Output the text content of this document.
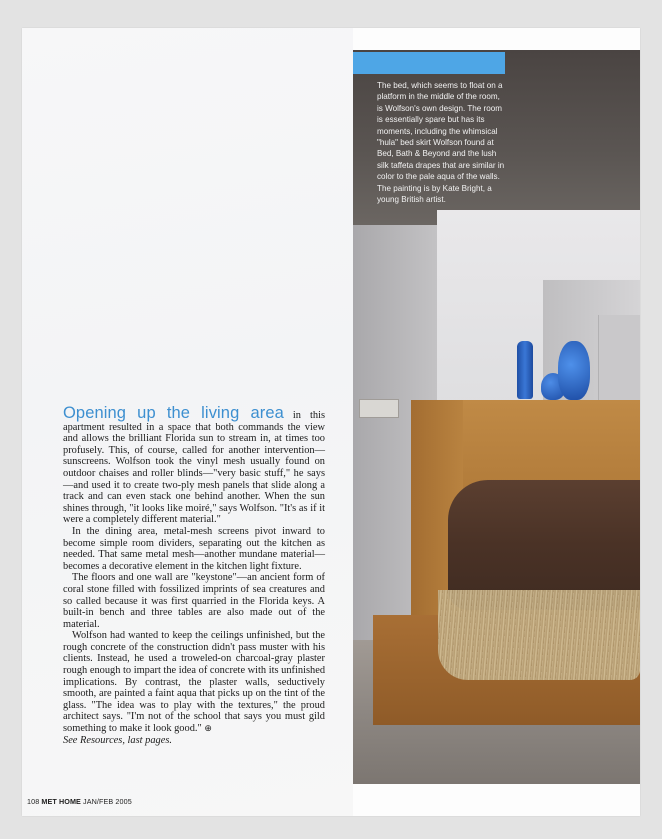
The bed, which seems to float on a platform in the middle of the room, is Wolfson's own design. The room is essentially spare but has its moments, including the whimsical "hula" bed skirt Wolfson found at Bed, Bath & Beyond and the lush silk taffeta drapes that are similar in color to the pale aqua of the walls. The painting is by Kate Bright, a young British artist.

Opening up the living area in this apartment resulted in a space that both commands the view and allows the brilliant Florida sun to stream in, at times too profusely. This, of course, called for another intervention—sunscreens. Wolfson took the vinyl mesh usually found on outdoor chaises and roller blinds—"very basic stuff," he says—and used it to create two-ply mesh panels that slide along a track and can even stack one behind another. When the sun shines through, "it looks like moiré," says Wolfson. "It's as if it were a completely different material."

In the dining area, metal-mesh screens pivot inward to become simple room dividers, separating out the kitchen as needed. That same metal mesh—another mundane material—becomes a decorative element in the kitchen light fixture.

The floors and one wall are "keystone"—an ancient form of coral stone filled with fossilized imprints of sea creatures and so called because it was first quarried in the Florida keys. A built-in bench and three tables are also made out of the material.

Wolfson had wanted to keep the ceilings unfinished, but the rough concrete of the construction didn't pass muster with his clients. Instead, he used a troweled-on charcoal-gray plaster rough enough to impart the idea of concrete with its unfinished implications. By contrast, the plaster walls, seductively smooth, are painted a faint aqua that picks up on the tint of the glass. "The idea was to play with the textures," the proud architect says. "I'm not of the school that says you must gild something to make it look good." ⊕

See Resources, last pages.

108 MET HOME JAN/FEB 2005
